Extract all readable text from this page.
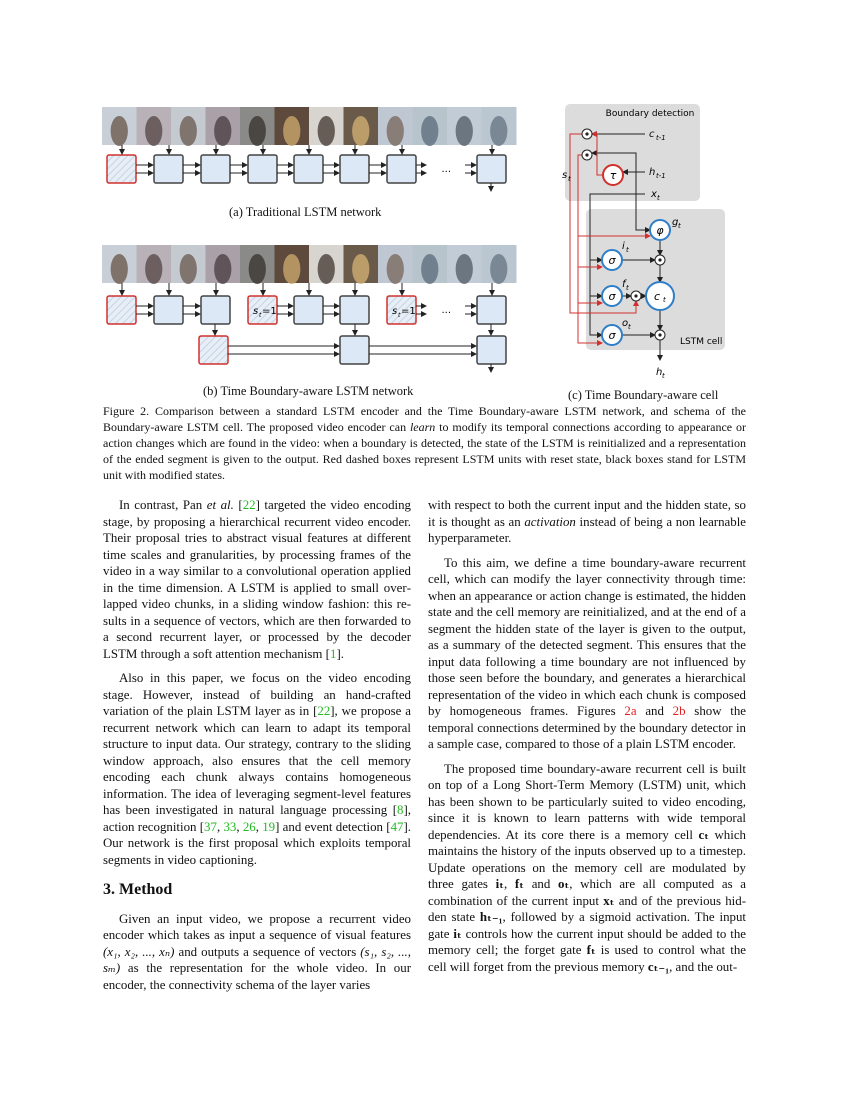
...
s t =1	s t =1	...
Boundary detection
LSTM cell
τ
φ
σ
σ
σ
c t
c t-1
h t-1
x t
s t
g t
i t
f t
o t
h t
(a) Traditional LSTM network
(b) Time Boundary-aware LSTM network	(c) Time Boundary-aware cell
Figure 2. Comparison between a standard LSTM encoder and the Time Boundary-aware LSTM network, and schema of the Boundary-aware LSTM cell. The proposed video encoder can learn to modify its temporal connections according to appearance or action changes which are found in the video: when a boundary is detected, the state of the LSTM is reinitialized and a representation of the ended segment is given to the output. Red dashed boxes represent LSTM units with reset state, black boxes stand for LSTM unit with modified states.

In contrast, Pan et al. [22] targeted the video encoding stage, by proposing a hierarchical recurrent video encoder. Their proposal tries to abstract visual features at different time scales and granularities, by processing frames of the video in a way similar to a convolutional operation applied in the time dimension. A LSTM is applied to small overlapped video chunks, in a sliding window fashion: this results in a sequence of vectors, which are then forwarded to a second recurrent layer, or processed by the decoder LSTM through a soft attention mechanism [1].

Also in this paper, we focus on the video encoding stage. However, instead of building an hand-crafted variation of the plain LSTM layer as in [22], we propose a recurrent network which can learn to adapt its temporal structure to input data. Our strategy, contrary to the sliding window approach, also ensures that the cell memory encoding each chunk always contains homogeneous information. The idea of leveraging segment-level features has been investigated in natural language processing [8], action recognition [37, 33, 26, 19] and event detection [47]. Our network is the first proposal which exploits temporal segments in video captioning.

3. Method

Given an input video, we propose a recurrent video encoder which takes as input a sequence of visual features (x₁, x₂, ..., xₙ) and outputs a sequence of vectors (s₁, s₂, ..., sₘ) as the representation for the whole video. In our encoder, the connectivity schema of the layer varies

with respect to both the current input and the hidden state, so it is thought as an activation instead of being a non learnable hyperparameter.

To this aim, we define a time boundary-aware recurrent cell, which can modify the layer connectivity through time: when an appearance or action change is estimated, the hidden state and the cell memory are reinitialized, and at the end of a segment the hidden state of the layer is given to the output, as a summary of the detected segment. This ensures that the input data following a time boundary are not influenced by those seen before the boundary, and generates a hierarchical representation of the video in which each chunk is composed by homogeneous frames. Figures 2a and 2b show the temporal connections determined by the boundary detector in a sample case, compared to those of a plain LSTM encoder.

The proposed time boundary-aware recurrent cell is built on top of a Long Short-Term Memory (LSTM) unit, which has been shown to be particularly suited to video encoding, since it is known to learn patterns with wide temporal dependencies. At its core there is a memory cell cₜ which maintains the history of the inputs observed up to a timestep. Update operations on the memory cell are modulated by three gates iₜ, fₜ and oₜ, which are all computed as a combination of the current input xₜ and of the previous hidden state hₜ₋₁, followed by a sigmoid activation. The input gate iₜ controls how the current input should be added to the memory cell; the forget gate fₜ is used to control what the cell will forget from the previous memory cₜ₋₁, and the out-
